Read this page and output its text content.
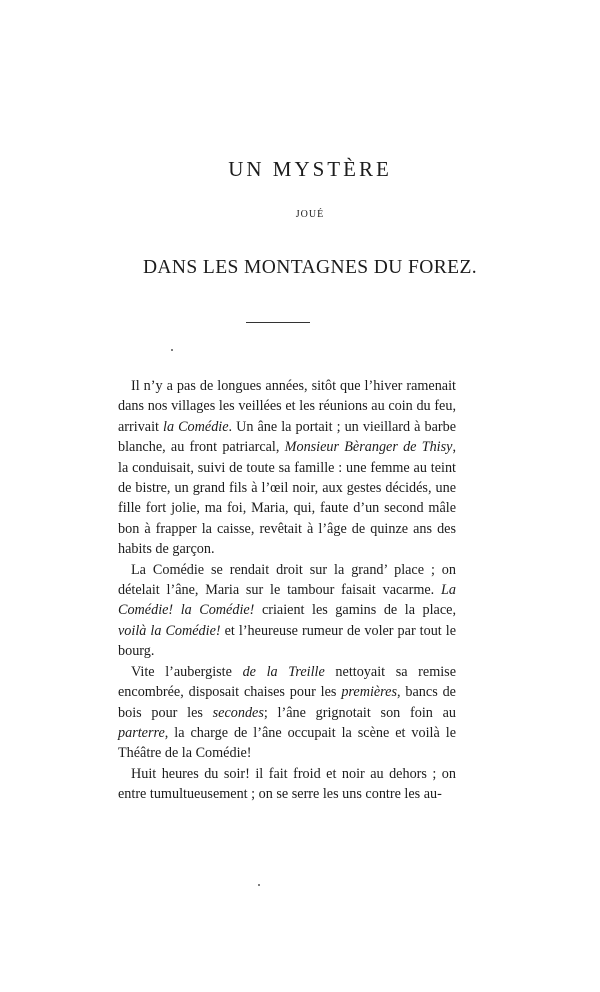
UN MYSTÈRE
JOUÉ
DANS LES MONTAGNES DU FOREZ.

Il n’y a pas de longues années, sitôt que l’hiver ramenait dans nos villages les veillées et les réunions au coin du feu, arrivait la Comédie. Un âne la portait ; un vieillard à barbe blanche, au front patriarcal, Monsieur Bèranger de Thisy, la conduisait, suivi de toute sa famille : une femme au teint de bistre, un grand fils à l’œil noir, aux gestes décidés, une fille fort jolie, ma foi, Maria, qui, faute d’un second mâle bon à frapper la caisse, revêtait à l’âge de quinze ans des habits de garçon.

La Comédie se rendait droit sur la grand’ place ; on dételait l’âne, Maria sur le tambour faisait vacarme. La Comédie! la Comédie! criaient les gamins de la place, voilà la Comédie! et l’heureuse rumeur de voler par tout le bourg.

Vite l’aubergiste de la Treille nettoyait sa remise encombrée, disposait chaises pour les premières, bancs de bois pour les secondes; l’âne grignotait son foin au parterre, la charge de l’âne occupait la scène et voilà le Théâtre de la Comédie!

Huit heures du soir! il fait froid et noir au dehors ; on entre tumultueusement ; on se serre les uns contre les au-
